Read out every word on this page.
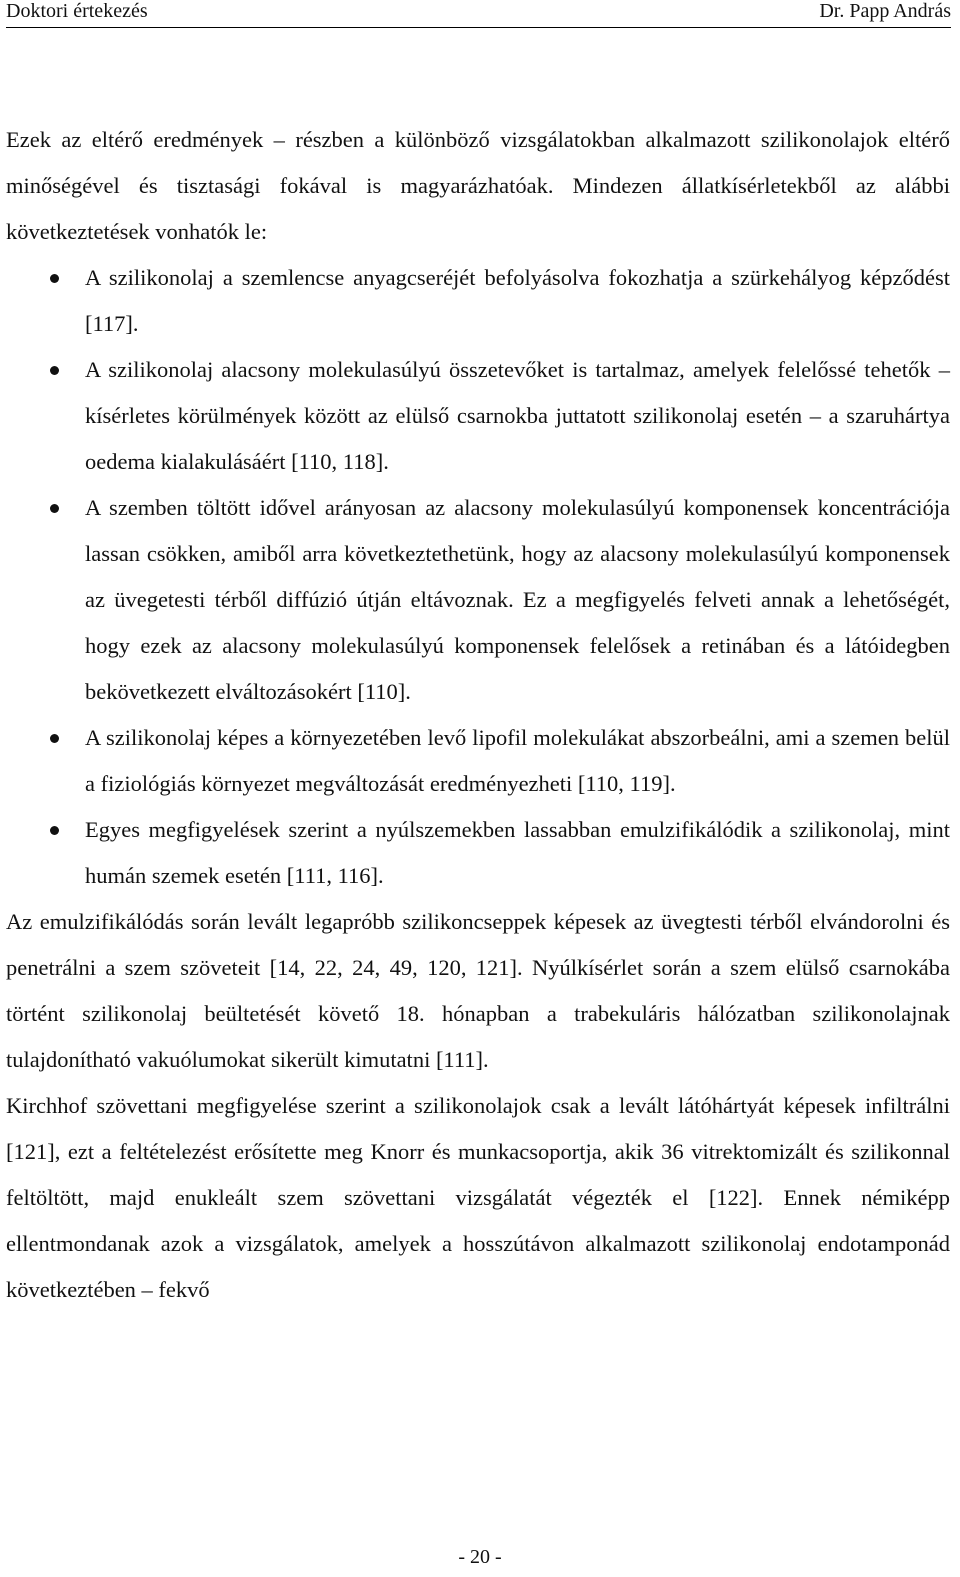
Doktori értekezés	Dr. Papp András

Ezek az eltérő eredmények – részben a különböző vizsgálatokban alkalmazott szilikonolajok eltérő minőségével és tisztasági fokával is magyarázhatóak. Mindezen állatkísérletekből az alábbi következtetések vonhatók le:

A szilikonolaj a szemlencse anyagcseréjét befolyásolva fokozhatja a szürkehályog képződést [117].
A szilikonolaj alacsony molekulasúlyú összetevőket is tartalmaz, amelyek felelőssé tehetők – kísérletes körülmények között az elülső csarnokba juttatott szilikonolaj esetén – a szaruhártya oedema kialakulásáért [110, 118].
A szemben töltött idővel arányosan az alacsony molekulasúlyú komponensek koncentrációja lassan csökken, amiből arra következtethetünk, hogy az alacsony molekulasúlyú komponensek az üvegetesti térből diffúzió útján eltávoznak. Ez a megfigyelés felveti annak a lehetőségét, hogy ezek az alacsony molekulasúlyú komponensek felelősek a retinában és a látóidegben bekövetkezett elváltozásokért [110].
A szilikonolaj képes a környezetében levő lipofil molekulákat abszorbeálni, ami a szemen belül a fiziológiás környezet megváltozását eredményezheti [110, 119].
Egyes megfigyelések szerint a nyúlszemekben lassabban emulzifikálódik a szilikonolaj, mint humán szemek esetén [111, 116].

Az emulzifikálódás során levált legapróbb szilikoncseppek képesek az üvegtesti térből elvándorolni és penetrálni a szem szöveteit [14, 22, 24, 49, 120, 121]. Nyúlkísérlet során a szem elülső csarnokába történt szilikonolaj beültetését követő 18. hónapban a trabekuláris hálózatban szilikonolajnak tulajdonítható vakuólumokat sikerült kimutatni [111].

Kirchhof szövettani megfigyelése szerint a szilikonolajok csak a levált látóhártyát képesek infiltrálni [121], ezt a feltételezést erősítette meg Knorr és munkacsoportja, akik 36 vitrektomizált és szilikonnal feltöltött, majd enukleált szem szövettani vizsgálatát végezték el [122]. Ennek némiképp ellentmondanak azok a vizsgálatok, amelyek a hosszútávon alkalmazott szilikonolaj endotamponád következtében – fekvő

- 20 -
